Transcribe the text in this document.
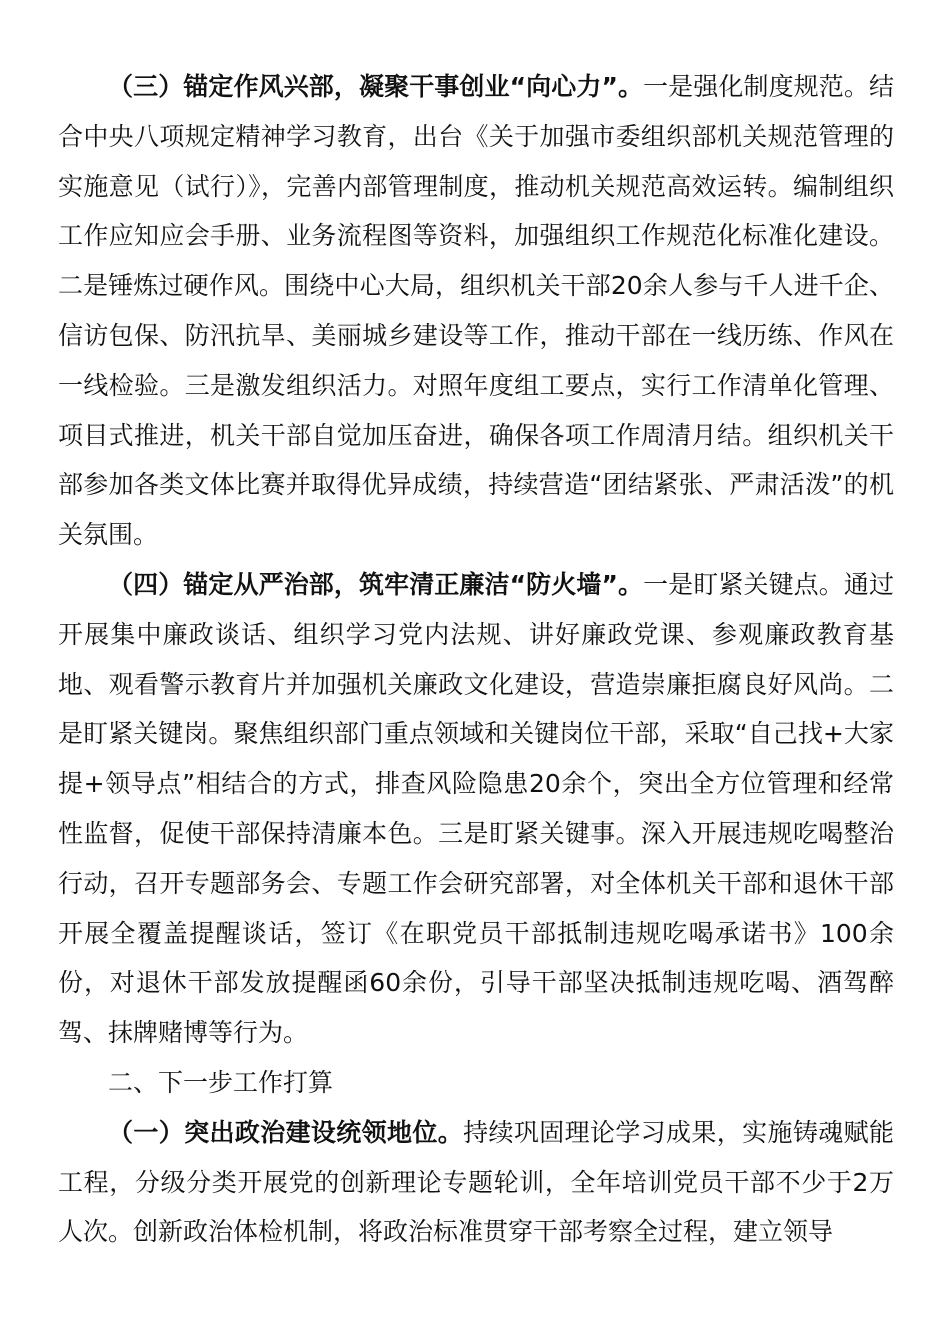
（三）锚定作风兴部，凝聚干事创业“向心力”。一是强化制度规范。结合中央八项规定精神学习教育，出台《关于加强市委组织部机关规范管理的实施意见（试行）》，完善内部管理制度，推动机关规范高效运转。编制组织工作应知应会手册、业务流程图等资料，加强组织工作规范化标准化建设。二是锤炼过硬作风。围绕中心大局，组织机关干部20余人参与千人进千企、信访包保、防汛抗旱、美丽城乡建设等工作，推动干部在一线历练、作风在一线检验。三是激发组织活力。对照年度组工要点，实行工作清单化管理、项目式推进，机关干部自觉加压奋进，确保各项工作周清月结。组织机关干部参加各类文体比赛并取得优异成绩，持续营造“团结紧张、严肃活泼”的机关氛围。

（四）锚定从严治部，筑牢清正廉洁“防火墙”。一是盯紧关键点。通过开展集中廉政谈话、组织学习党内法规、讲好廉政党课、参观廉政教育基地、观看警示教育片并加强机关廉政文化建设，营造崇廉拒腐良好风尚。二是盯紧关键岗。聚焦组织部门重点领域和关键岗位干部，采取“自己找+大家提+领导点”相结合的方式，排查风险隐患20余个，突出全方位管理和经常性监督，促使干部保持清廉本色。三是盯紧关键事。深入开展违规吃喝整治行动，召开专题部务会、专题工作会研究部署，对全体机关干部和退休干部开展全覆盖提醒谈话，签订《在职党员干部抵制违规吃喝承诺书》100余份，对退休干部发放提醒函60余份，引导干部坚决抵制违规吃喝、酒驾醉驾、抹牌赌博等行为。

二、下一步工作打算

（一）突出政治建设统领地位。持续巩固理论学习成果，实施铸魂赋能工程，分级分类开展党的创新理论专题轮训，全年培训党员干部不少于2万人次。创新政治体检机制，将政治标准贯穿干部考察全过程，建立领导
